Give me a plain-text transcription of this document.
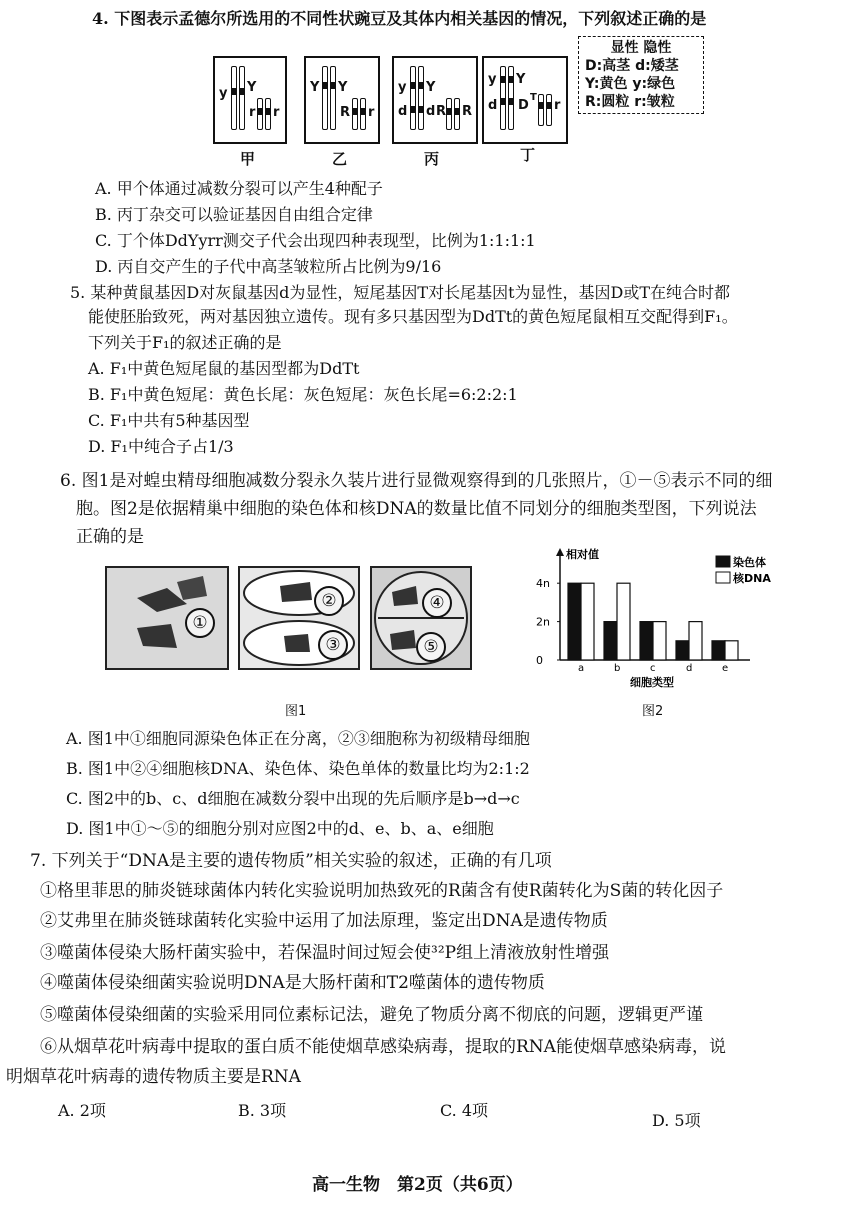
4. 下图表示孟德尔所选用的不同性状豌豆及其体内相关基因的情况，下列叙述正确的是
y Y
r r
甲
Y Y
R r
乙
y Y
d d R R
丙
y Y
d D
T
r
丁
显性 隐性
D:高茎 d:矮茎
Y:黄色 y:绿色
R:圆粒 r:皱粒
A. 甲个体通过减数分裂可以产生4种配子
B. 丙丁杂交可以验证基因自由组合定律
C. 丁个体DdYyrr测交子代会出现四种表现型，比例为1:1:1:1
D. 丙自交产生的子代中高茎皱粒所占比例为9/16
5. 某种黄鼠基因D对灰鼠基因d为显性，短尾基因T对长尾基因t为显性，基因D或T在纯合时都
能使胚胎致死，两对基因独立遗传。现有多只基因型为DdTt的黄色短尾鼠相互交配得到F₁。
下列关于F₁的叙述正确的是
A. F₁中黄色短尾鼠的基因型都为DdTt
B. F₁中黄色短尾：黄色长尾：灰色短尾：灰色长尾=6:2:2:1
C. F₁中共有5种基因型
D. F₁中纯合子占1/3
6. 图1是对蝗虫精母细胞减数分裂永久装片进行显微观察得到的几张照片，①－⑤表示不同的细
胞。图2是依据精巢中细胞的染色体和核DNA的数量比值不同划分的细胞类型图，下列说法
正确的是
①
②
③
④
⑤
图1
相对值
细胞类型
4n
2n
0
a	b	c	d	e
染色体
核DNA
图2
A. 图1中①细胞同源染色体正在分离，②③细胞称为初级精母细胞
B. 图1中②④细胞核DNA、染色体、染色单体的数量比均为2:1:2
C. 图2中的b、c、d细胞在减数分裂中出现的先后顺序是b→d→c
D. 图1中①～⑤的细胞分别对应图2中的d、e、b、a、e细胞
7. 下列关于“DNA是主要的遗传物质”相关实验的叙述，正确的有几项
①格里菲思的肺炎链球菌体内转化实验说明加热致死的R菌含有使R菌转化为S菌的转化因子
②艾弗里在肺炎链球菌转化实验中运用了加法原理，鉴定出DNA是遗传物质
③噬菌体侵染大肠杆菌实验中，若保温时间过短会使³²P组上清液放射性增强
④噬菌体侵染细菌实验说明DNA是大肠杆菌和T2噬菌体的遗传物质
⑤噬菌体侵染细菌的实验采用同位素标记法，避免了物质分离不彻底的问题，逻辑更严谨
⑥从烟草花叶病毒中提取的蛋白质不能使烟草感染病毒，提取的RNA能使烟草感染病毒，说
明烟草花叶病毒的遗传物质主要是RNA
A. 2项	B. 3项	C. 4项
D. 5项
高一生物　第2页（共6页）
